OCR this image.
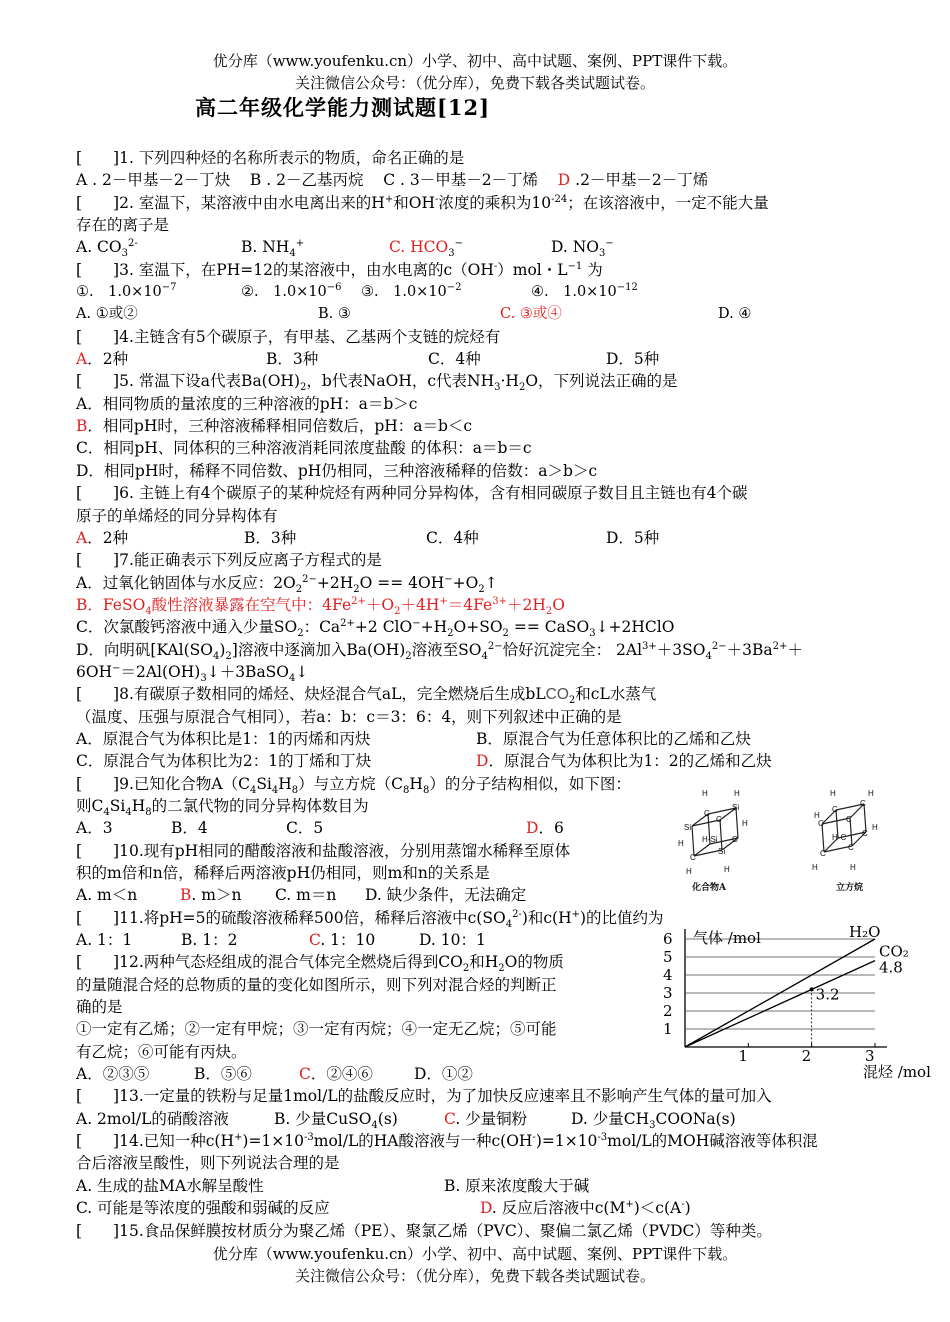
优分库（www.youfenku.cn）小学、初中、高中试题、案例、PPT课件下载。
关注微信公众号：（优分库），免费下载各类试题试卷。
高二年级化学能力测试题[12]
[　　]1. 下列四种烃的名称所表示的物质，命名正确的是
A . 2－甲基－2－丁炔 B . 2－乙基丙烷 C . 3－甲基－2－丁烯 D .2－甲基－2－丁烯
[　　]2. 室温下，某溶液中由水电离出来的H+和OH-浓度的乘积为$10^{-24}$；在该溶液中，一定不能大量
存在的离子是
A. $CO_3^{2-}$	B. $NH_4^+$	C. $HCO_3^-$	D. $NO_3^-$
[　　]3. 室温下，在PH=12的某溶液中，由水电离的c（OH-）mol・$L^{-1}$ 为
①.　$1.0\times 10^{-7}$	②.　$1.0\times 10^{-6}$ ③.　$1.0\times 10^{-2}$	④.　$1.0\times 10^{-12}$
A. ①或②	B. ③	C. ③或④	D. ④
[　　]4.主链含有5个碳原子，有甲基、乙基两个支链的烷烃有
A．2种	B．3种	C．4种	D．5种
[　　]5. 常温下设a代表$Ba(OH)_2$，b代表NaOH，c代表$NH_3\cdot H_2O$，下列说法正确的是
A．相同物质的量浓度的三种溶液的pH：a＝b＞c
B．相同pH时，三种溶液稀释相同倍数后，pH：a＝b＜c
C．相同pH、同体积的三种溶液消耗同浓度盐酸 的体积：a＝b＝c
D．相同pH时，稀释不同倍数、pH仍相同，三种溶液稀释的倍数：a＞b＞c
[　　]6. 主链上有4个碳原子的某种烷烃有两种同分异构体，含有相同碳原子数目且主链也有4个碳
原子的单烯烃的同分异构体有
A．2种	B．3种	C．4种	D．5种
[　　]7.能正确表示下列反应离子方程式的是
A．过氧化钠固体与水反应：$2O_2^{2-}+2H_2O$ == $4OH^-+O_2↑$
B．FeSO$_4$酸性溶液暴露在空气中：$4Fe^{2+}+O_2+4H^+=4Fe^{3+}+2H_2O$
C．次氯酸钙溶液中通入少量$SO_2$：$Ca^{2+}+2$ $ClO^-+H_2O+SO_2$ == CaSO$_3$↓+2HClO
D．向明矾$[KAl(SO_4)_2]$溶液中逐滴加入$Ba(OH)_2$溶液至$SO_4^{2-}$恰好沉淀完全： $2Al^{3+}+3SO_4^{2-}+3Ba^{2+}+$
$6OH^-=2Al(OH)_3↓+3BaSO_4↓$
[　　]8.有碳原子数相同的烯烃、炔烃混合气aL，完全燃烧后生成bLCO$_2$和cL水蒸气
（温度、压强与原混合气相同），若a：b：c＝3：6：4，则下列叙述中正确的是
A．原混合气为体积比是1：1的丙烯和丙炔	B．原混合气为任意体积比的乙烯和乙炔
C．原混合气为体积比为2：1的丁烯和丁炔	D．原混合气为体积比为1：2的乙烯和乙炔
[　　]9.已知化合物$A(C_4Si_4H_8)$与立方烷$(C_8H_8)$的分子结构相似，如下图：
则$C_4Si_4H_8$的二氯代物的同分异构体数目为
A．3	B．4	C．5	D．6
[　　]10.现有pH相同的醋酸溶液和盐酸溶液，分别用蒸馏水稀释至原体
积的m倍和n倍，稀释后两溶液pH仍相同，则m和n的关系是
A. m＜n	B. m＞n C. m＝n D. 缺少条件，无法确定
[　　]11.将pH=5的硫酸溶液稀释500倍，稀释后溶液中$c(SO_4^{2-})$和c(H+)的比值约为
A. 1：1	B. 1：2	C. 1：10	D. 10：1
[　　]12.两种气态烃组成的混合气体完全燃烧后得到$CO_2$和$H_2O$的物质
的量随混合烃的总物质的量的变化如图所示，则下列对混合烃的判断正
确的是
①一定有乙烯；②一定有甲烷；③一定有丙烷；④一定无乙烷；⑤可能
有乙烷；⑥可能有丙炔。
A．②③⑤	B．⑤⑥	C．②④⑥	D．①②
[　　]13.一定量的铁粉与足量1mol/L的盐酸反应时，为了加快反应速率且不影响产生气体的量可加入
A. 2mol/L的硝酸溶液	B. 少量CuSO$_4$(s)	C. 少量铜粉	D. 少量$CH_3COONa(s)$
[　　]14.已知一种$c(H^+)=1\times 10^{-3}mol/L$的HA酸溶液与一种$c(OH^-)=1\times 10^{-3}mol/L$的MOH碱溶液等体积混
合后溶液呈酸性，则下列说法合理的是
A. 生成的盐MA水解呈酸性	B. 原来浓度酸大于碱
C. 可能是等浓度的强酸和弱碱的反应	D. 反应后溶液中c(M+)＜c(A-)
[　　]15.食品保鲜膜按材质分为聚乙烯（PE）、聚氯乙烯（PVC）、聚偏二氯乙烯（PVDC）等种类。
H	H
C
Si
Si
C	H
H-Si C
H
C
Si
H	H
H	H
C
C
H
C	C
H-C C
H
C
C
H	H
化合物A	立方烷
1
2
3
4
5
6
1	2	3
H₂O
CO₂
4.8
3.2
气体 /mol
混烃 /mol
优分库（www.youfenku.cn）小学、初中、高中试题、案例、PPT课件下载。
关注微信公众号：（优分库），免费下载各类试题试卷。
